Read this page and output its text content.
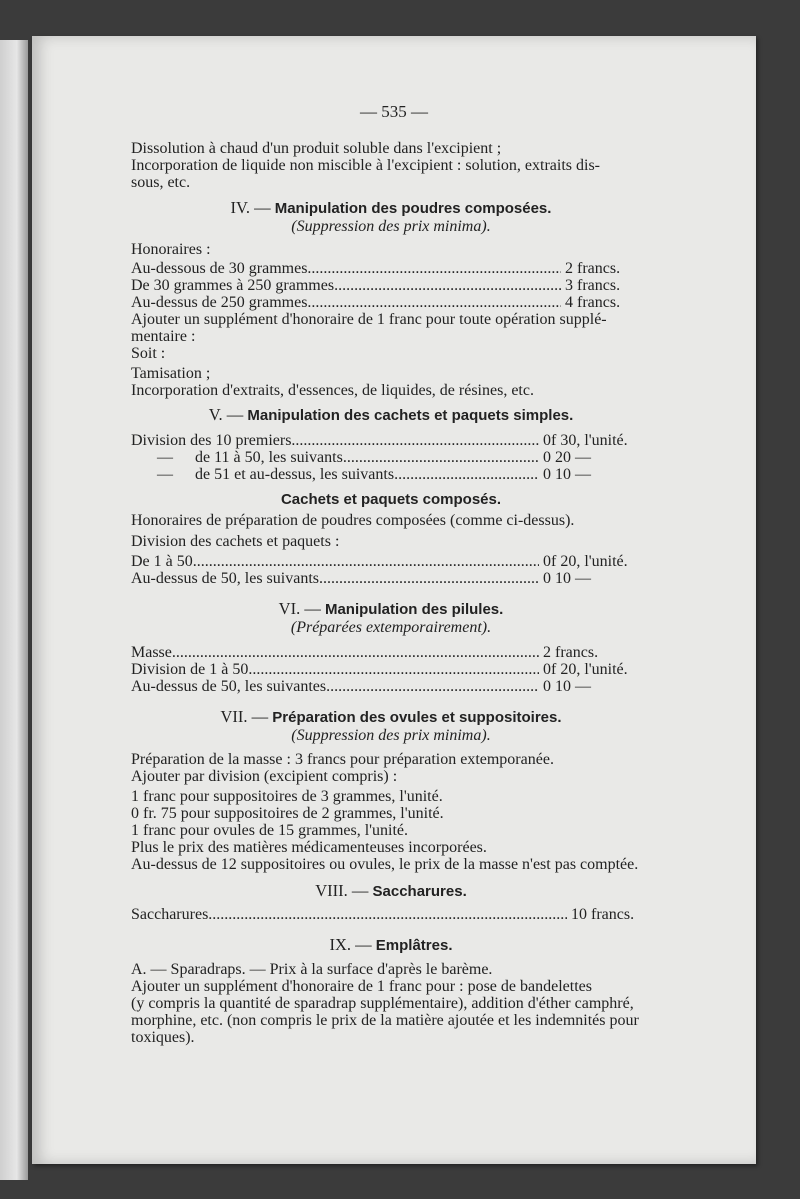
— 535 —
Dissolution à chaud d'un produit soluble dans l'excipient ;
Incorporation de liquide non miscible à l'excipient : solution, extraits dis-
sous, etc.
IV. — Manipulation des poudres composées.
(Suppression des prix minima).
Honoraires :
Au-dessous de 30 grammes . . .	2 francs.
De 30 grammes à 250 grammes . . .	3 francs.
Au-dessus de 250 grammes . . .	4 francs.
Ajouter un supplément d'honoraire de 1 franc pour toute opération supplé-
mentaire :
Soit :
Tamisation ;
Incorporation d'extraits, d'essences, de liquides, de résines, etc.
V. — Manipulation des cachets et paquets simples.
Division des 10 premiers . . .	0f 30, l'unité.
— de 11 à 50, les suivants . . .	0 20 —
— de 51 et au-dessus, les suivants . . .	0 10 —
Cachets et paquets composés.
Honoraires de préparation de poudres composées (comme ci-dessus).
Division des cachets et paquets :
De 1 à 50 . . .	0f 20, l'unité.
Au-dessus de 50, les suivants . . .	0 10 —
VI. — Manipulation des pilules.
(Préparées extemporairement).
Masse . . .	2 francs.
Division de 1 à 50 . . .	0f 20, l'unité.
Au-dessus de 50, les suivantes . . .	0 10 —
VII. — Préparation des ovules et suppositoires.
(Suppression des prix minima).
Préparation de la masse : 3 francs pour préparation extemporanée.
Ajouter par division (excipient compris) :
1 franc pour suppositoires de 3 grammes, l'unité.
0 fr. 75 pour suppositoires de 2 grammes, l'unité.
1 franc pour ovules de 15 grammes, l'unité.
Plus le prix des matières médicamenteuses incorporées.
Au-dessus de 12 suppositoires ou ovules, le prix de la masse n'est pas comptée.
VIII. — Saccharures.
Saccharures . . .	10 francs.
IX. — Emplâtres.
A. — Sparadraps. — Prix à la surface d'après le barème.
Ajouter un supplément d'honoraire de 1 franc pour : pose de bandelettes
(y compris la quantité de sparadrap supplémentaire), addition d'éther camphré,
morphine, etc. (non compris le prix de la matière ajoutée et les indemnités pour
toxiques).
